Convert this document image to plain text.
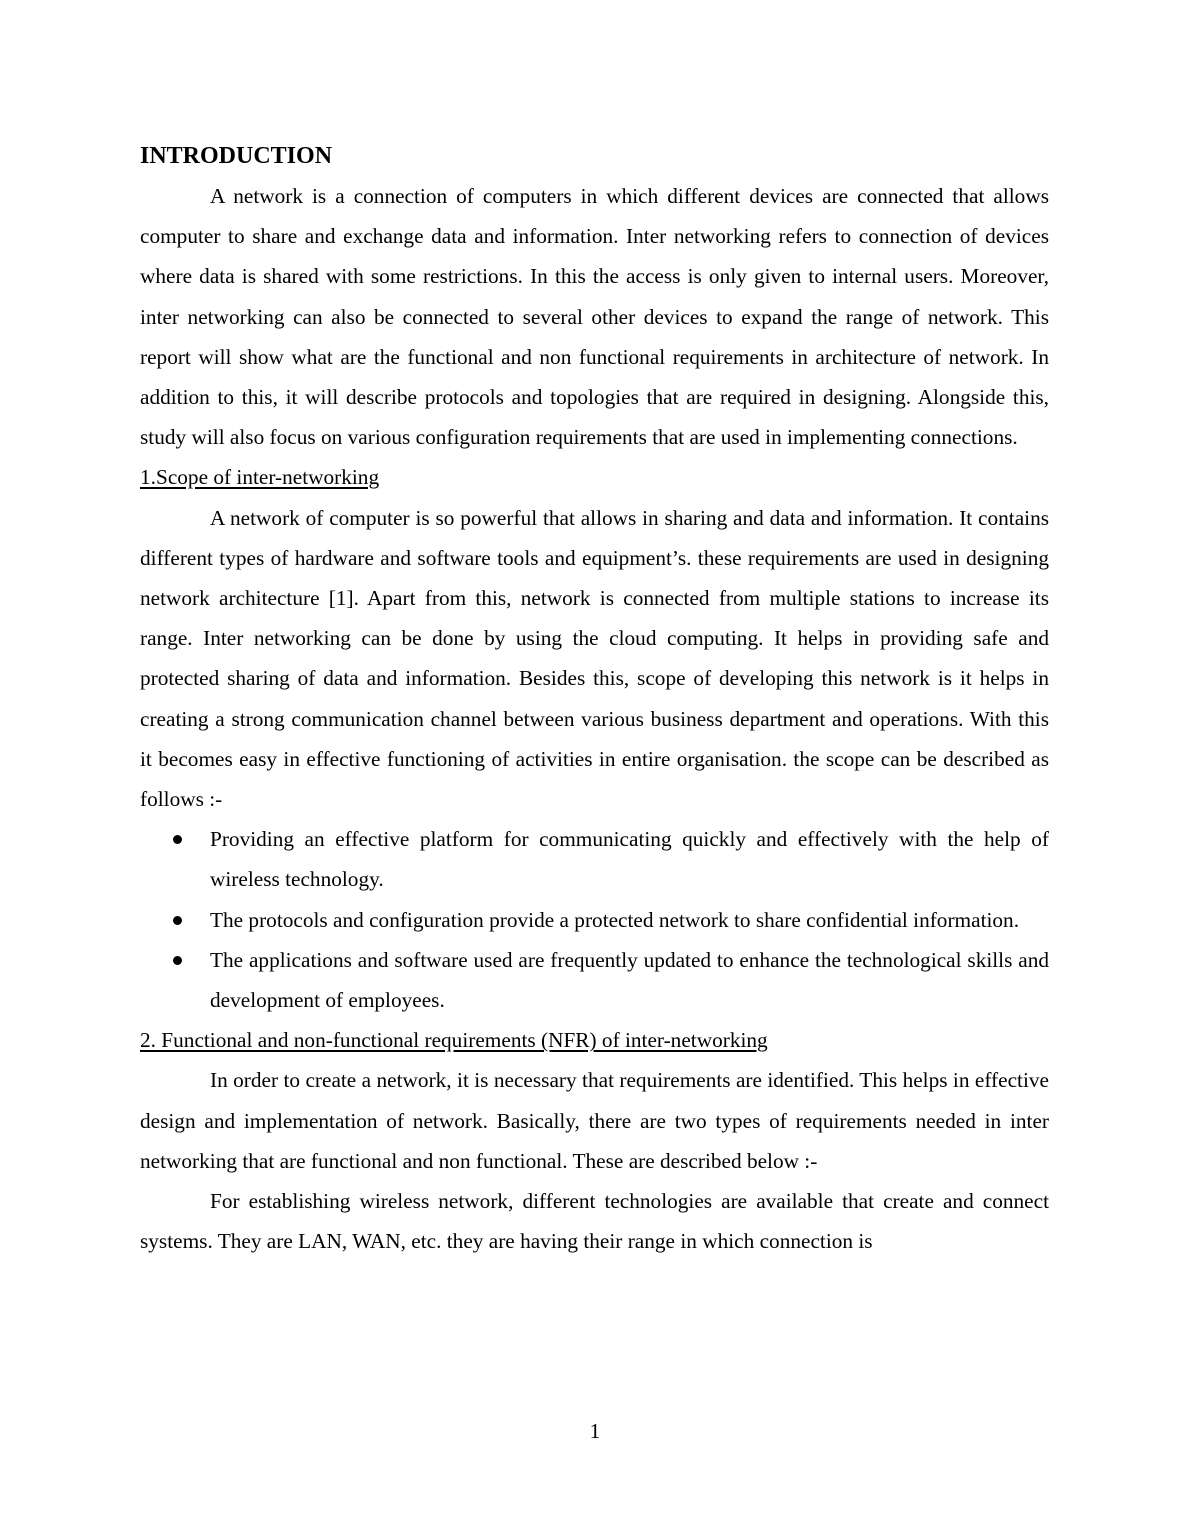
INTRODUCTION

A network is a connection of computers in which different devices are connected that allows computer to share and exchange data and information. Inter networking refers to connection of devices where data is shared with some restrictions. In this the access is only given to internal users. Moreover, inter networking can also be connected to several other devices to expand the range of network. This report will show what are the functional and non functional requirements in architecture of network. In addition to this, it will describe protocols and topologies that are required in designing. Alongside this, study will also focus on various configuration requirements that are used in implementing connections.

1.Scope of inter-networking

A network of computer is so powerful that allows in sharing and data and information. It contains different types of hardware and software tools and equipment’s. these requirements are used in designing network architecture [1]. Apart from this, network is connected from multiple stations to increase its range. Inter networking can be done by using the cloud computing. It helps in providing safe and protected sharing of data and information. Besides this, scope of developing this network is it helps in creating a strong communication channel between various business department and operations. With this it becomes easy in effective functioning of activities in entire organisation. the scope can be described as follows :-

Providing an effective platform for communicating quickly and effectively with the help of wireless technology.
The protocols and configuration provide a protected network to share confidential information.
The applications and software used are frequently updated to enhance the technological skills and development of employees.

2. Functional and non-functional requirements (NFR) of inter-networking

In order to create a network, it is necessary that requirements are identified. This helps in effective design and implementation of network. Basically, there are two types of requirements needed in inter networking that are functional and non functional. These are described below :-

For establishing wireless network, different technologies are available that create and connect systems. They are LAN, WAN, etc. they are having their range in which connection is

1
